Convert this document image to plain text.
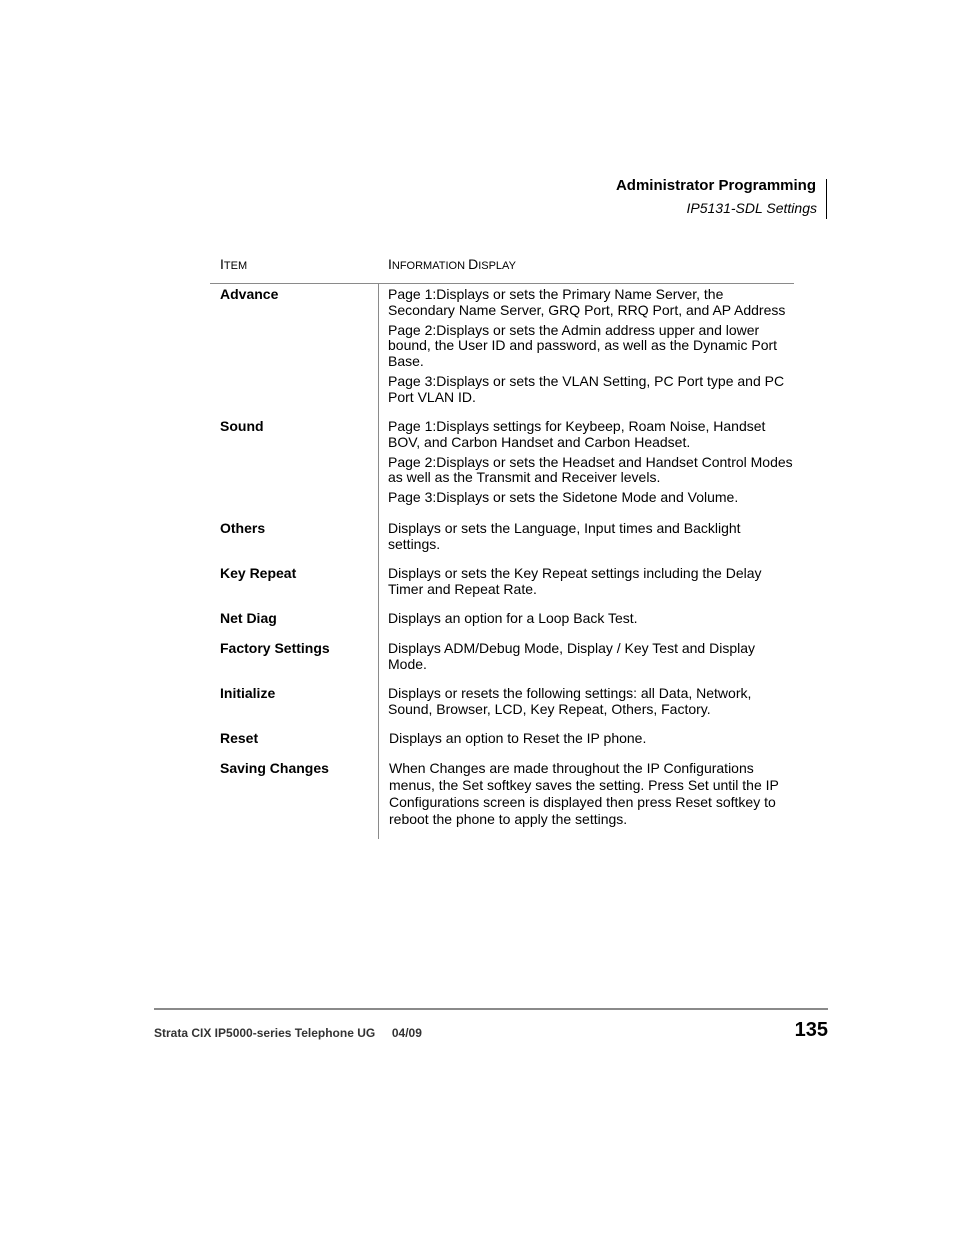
Administrator Programming
IP5131-SDL Settings
ITEM	INFORMATION DISPLAY
Advance	Page 1:Displays or sets the Primary Name Server, the Secondary Name Server, GRQ Port, RRQ Port, and AP Address

Page 2:Displays or sets the Admin address upper and lower bound, the User ID and password, as well as the Dynamic Port Base.

Page 3:Displays or sets the VLAN Setting, PC Port type and PC Port VLAN ID.

Sound	Page 1:Displays settings for Keybeep, Roam Noise, Handset BOV, and Carbon Handset and Carbon Headset.

Page 2:Displays or sets the Headset and Handset Control Modes as well as the Transmit and Receiver levels.

Page 3:Displays or sets the Sidetone Mode and Volume.

Others	Displays or sets the Language, Input times and Backlight settings.

Key Repeat	Displays or sets the Key Repeat settings including the Delay Timer and Repeat Rate.

Net Diag	Displays an option for a Loop Back Test.

Factory Settings	Displays ADM/Debug Mode, Display / Key Test and Display Mode.

Initialize	Displays or resets the following settings: all Data, Network, Sound, Browser, LCD, Key Repeat, Others, Factory.

Reset	Displays an option to Reset the IP phone.

Saving Changes	When Changes are made throughout the IP Configurations menus, the Set softkey saves the setting. Press Set until the IP Configurations screen is displayed then press Reset softkey to reboot the phone to apply the settings.

Strata CIX IP5000-series Telephone UG 04/09	135
